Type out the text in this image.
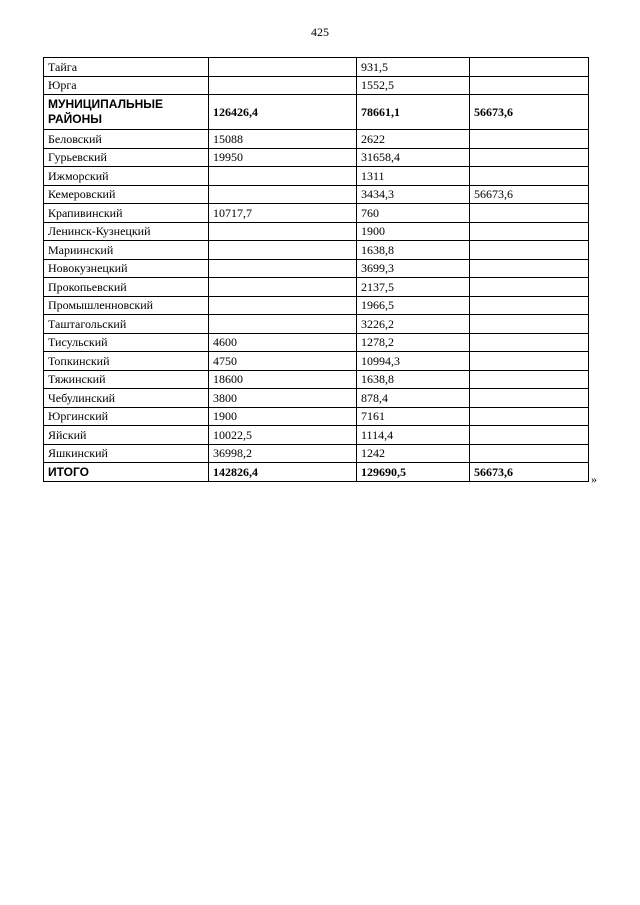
425
Тайга		931,5	
Юрга		1552,5	
МУНИЦИПАЛЬНЫЕ РАЙОНЫ	126426,4	78661,1	56673,6
Беловский	15088	2622	
Гурьевский	19950	31658,4	
Ижморский		1311	
Кемеровский		3434,3	56673,6
Крапивинский	10717,7	760	
Ленинск-Кузнецкий		1900	
Мариинский		1638,8	
Новокузнецкий		3699,3	
Прокопьевский		2137,5	
Промышленновский		1966,5	
Таштагольский		3226,2	
Тисульский	4600	1278,2	
Топкинский	4750	10994,3	
Тяжинский	18600	1638,8	
Чебулинский	3800	878,4	
Юргинский	1900	7161	
Яйский	10022,5	1114,4	
Яшкинский	36998,2	1242	
ИТОГО	142826,4	129690,5	56673,6
»
